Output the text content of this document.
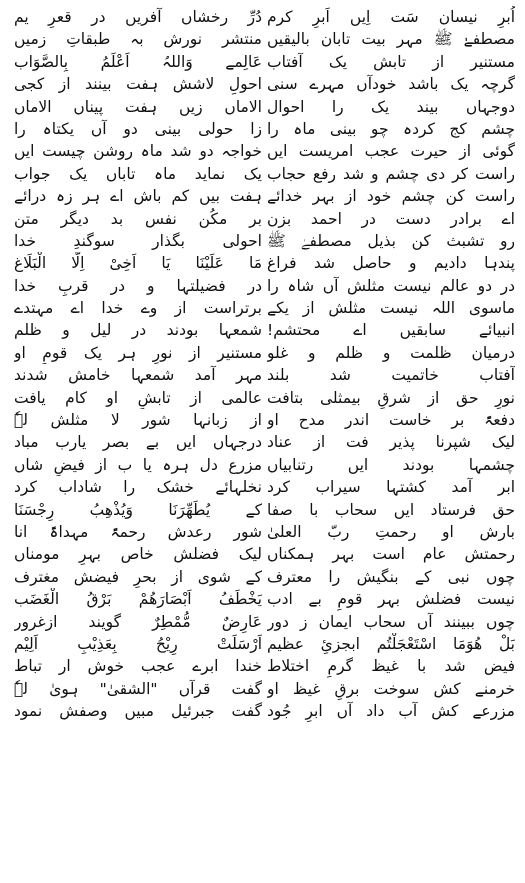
اُبرِ نیسان سَت اِیں اَبرِ کرم
مصطفےٰ ﷺ مہر بیت تابان بالیقیں
مستنیر از تابش یک آفتاب
گرچہ یک باشد خودآں مہرے سنی
دوجہاں بیند یک را احوال
چشم کج کردہ چو بینی ماہ را
گوئی از حیرت عجب امریست ایں
راست کر دی چشم و شد رفع حجاب
راست کن چشم خود از بہر خدائے
اے برادر دست در احمد بزن
رو تشبث کن بذیل مصطفےٰ ﷺ
پندہا دادیم و حاصل شد فراغ
در دو عالم نیست مثلش آں شاہ را
ماسوی اللہ نیست مثلش از یکے
انبیائے سابقیں اے محتشم!
درمیان ظلمت و ظلم و غلو
آفتاب خاتمیت شد بلند
نورِ حق از شرقِ بیمثلی بتافت
دفعۃً بر خاست اندر مدح او
لیک شپرنا پذیر فت از عناد
چشمہا بودند ایں رتنابیاں
ابر آمد کشتہا سیراب کرد
حق فرستاد ایں سحاب با صفا
بارش او رحمتِ ربّ العلیٰ
رحمتش عام است بہر ہمکناں
چوں نبی کے بنگیش را معترف
نیست فضلش بہر قومِ بے ادب
چوں ببینند آں سحاب ایمان ز دور
بَلْ ھُوَمَا اسْتَعْجَلْتُم ابجزئِ عظیم
فیض شد با غیظ گرمِ اختلاط
خرمنے کش سوخت برقِ غیظ او
مزرعے کش آب داد آں ابرِ جُود
دُرِّ رخشاں آفریں در قعرِ یم
منتشر نورش بہ طبقاتِ زمیں
عَالِمے وَاللہُ اَعْلَمُ بِالصَّوَاب
احولِ لاشش ہفت بینند از کجی
الاماں زیں ہفت پیناں الاماں
زا حولی بینی دو آں یکتاہ را
خواجہ دو شد ماہ روشن چیست ایں
یک نماید ماہ تاباں یک جواب
ہفت بیں کم باش اے ہر زہ درائے
بر مکُن نفس بد دیگر متن
احولی بگذار سوگندِ خدا
مَا عَلَیْنَا یَا اَخِیْ اِلَّا الْبَلَاغ
در فضیلتہا و در قربِ خدا
برتراست از وے خدا اے مہتدے
شمعہا بودند در لیل و ظلم
مستنیر از نورِ ہر یک قومِ او
مہر آمد شمعہا خامش شدند
عالمی از تابشِ او کام یافت
از زبانہا شور لا مثلش لہٗ
درجہاں ایں بے بصر یارب مباد
مزرع دل ہرہ یا ب از فیضِ شاں
نخلہائے خشک را شاداب کرد
کے یُطَھِّرَنَا وَیُذْھِبُ رِجْسَنَا
شور رعدش رحمۃً مہداۃً انا
لیک فضلش خاص بہرِ مومناں
کے شوی از بحرِ فیضش مغترف
یَخْطَفُ اَبْصَارَھُمْ بَرْقُ الْغَضَب
عَارِضٌ مُّمْطِرٌ گویند ازغرور
اَرْسَلَتْ رِیْحُ بِعَذِیْبِ اَلِیْم
خندا ابرے عجب خوش ار تباط
گفت قرآں "الشقیٰ" ہویٰ لہٗ
گفت جبرئیل مبیں وصفش نمود
